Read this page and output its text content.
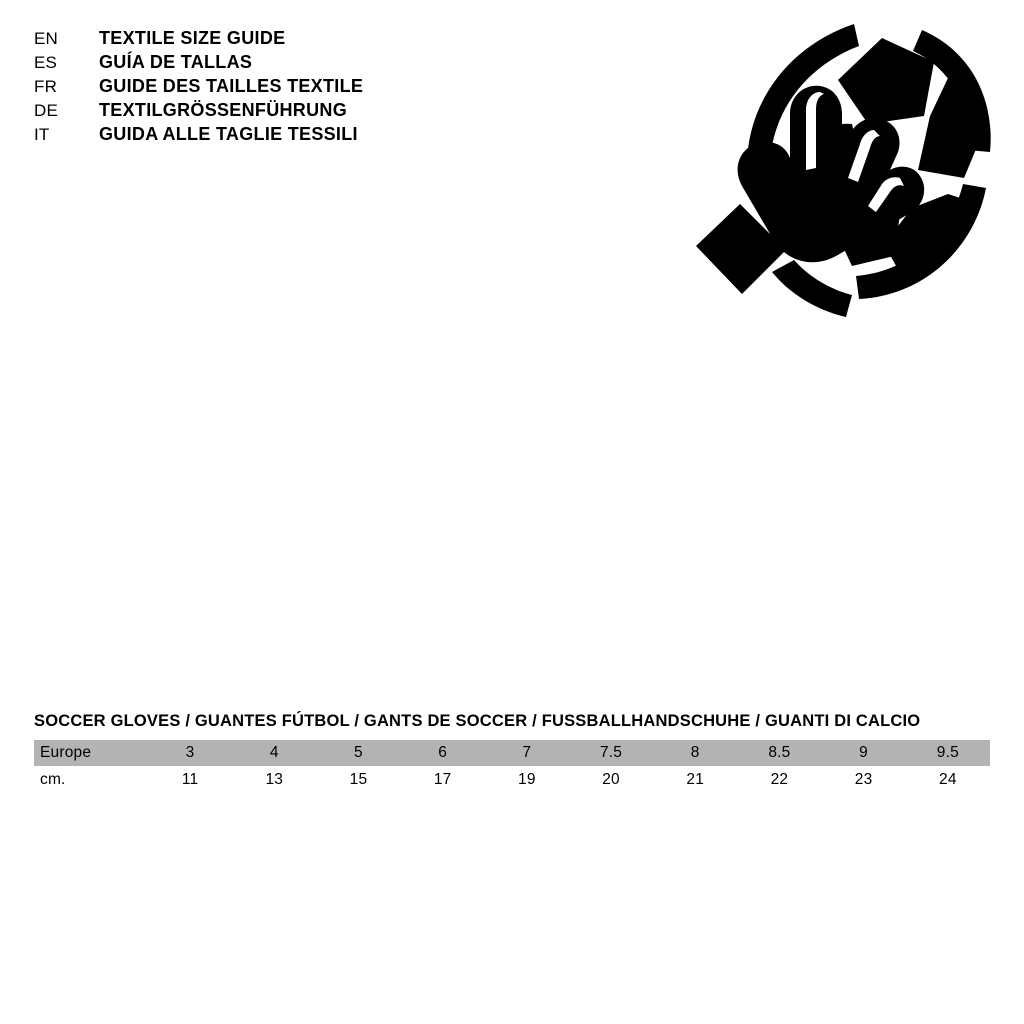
EN	TEXTILE SIZE GUIDE
ES	GUÍA DE TALLAS
FR	GUIDE DES TAILLES TEXTILE
DE	TEXTILGRÖSSENFÜHRUNG
IT	GUIDA ALLE TAGLIE TESSILI
SOCCER GLOVES / GUANTES FÚTBOL / GANTS DE SOCCER / FUSSBALLHANDSCHUHE / GUANTI DI CALCIO
Europe	3	4	5	6	7	7.5	8	8.5	9	9.5
cm.	11	13	15	17	19	20	21	22	23	24
